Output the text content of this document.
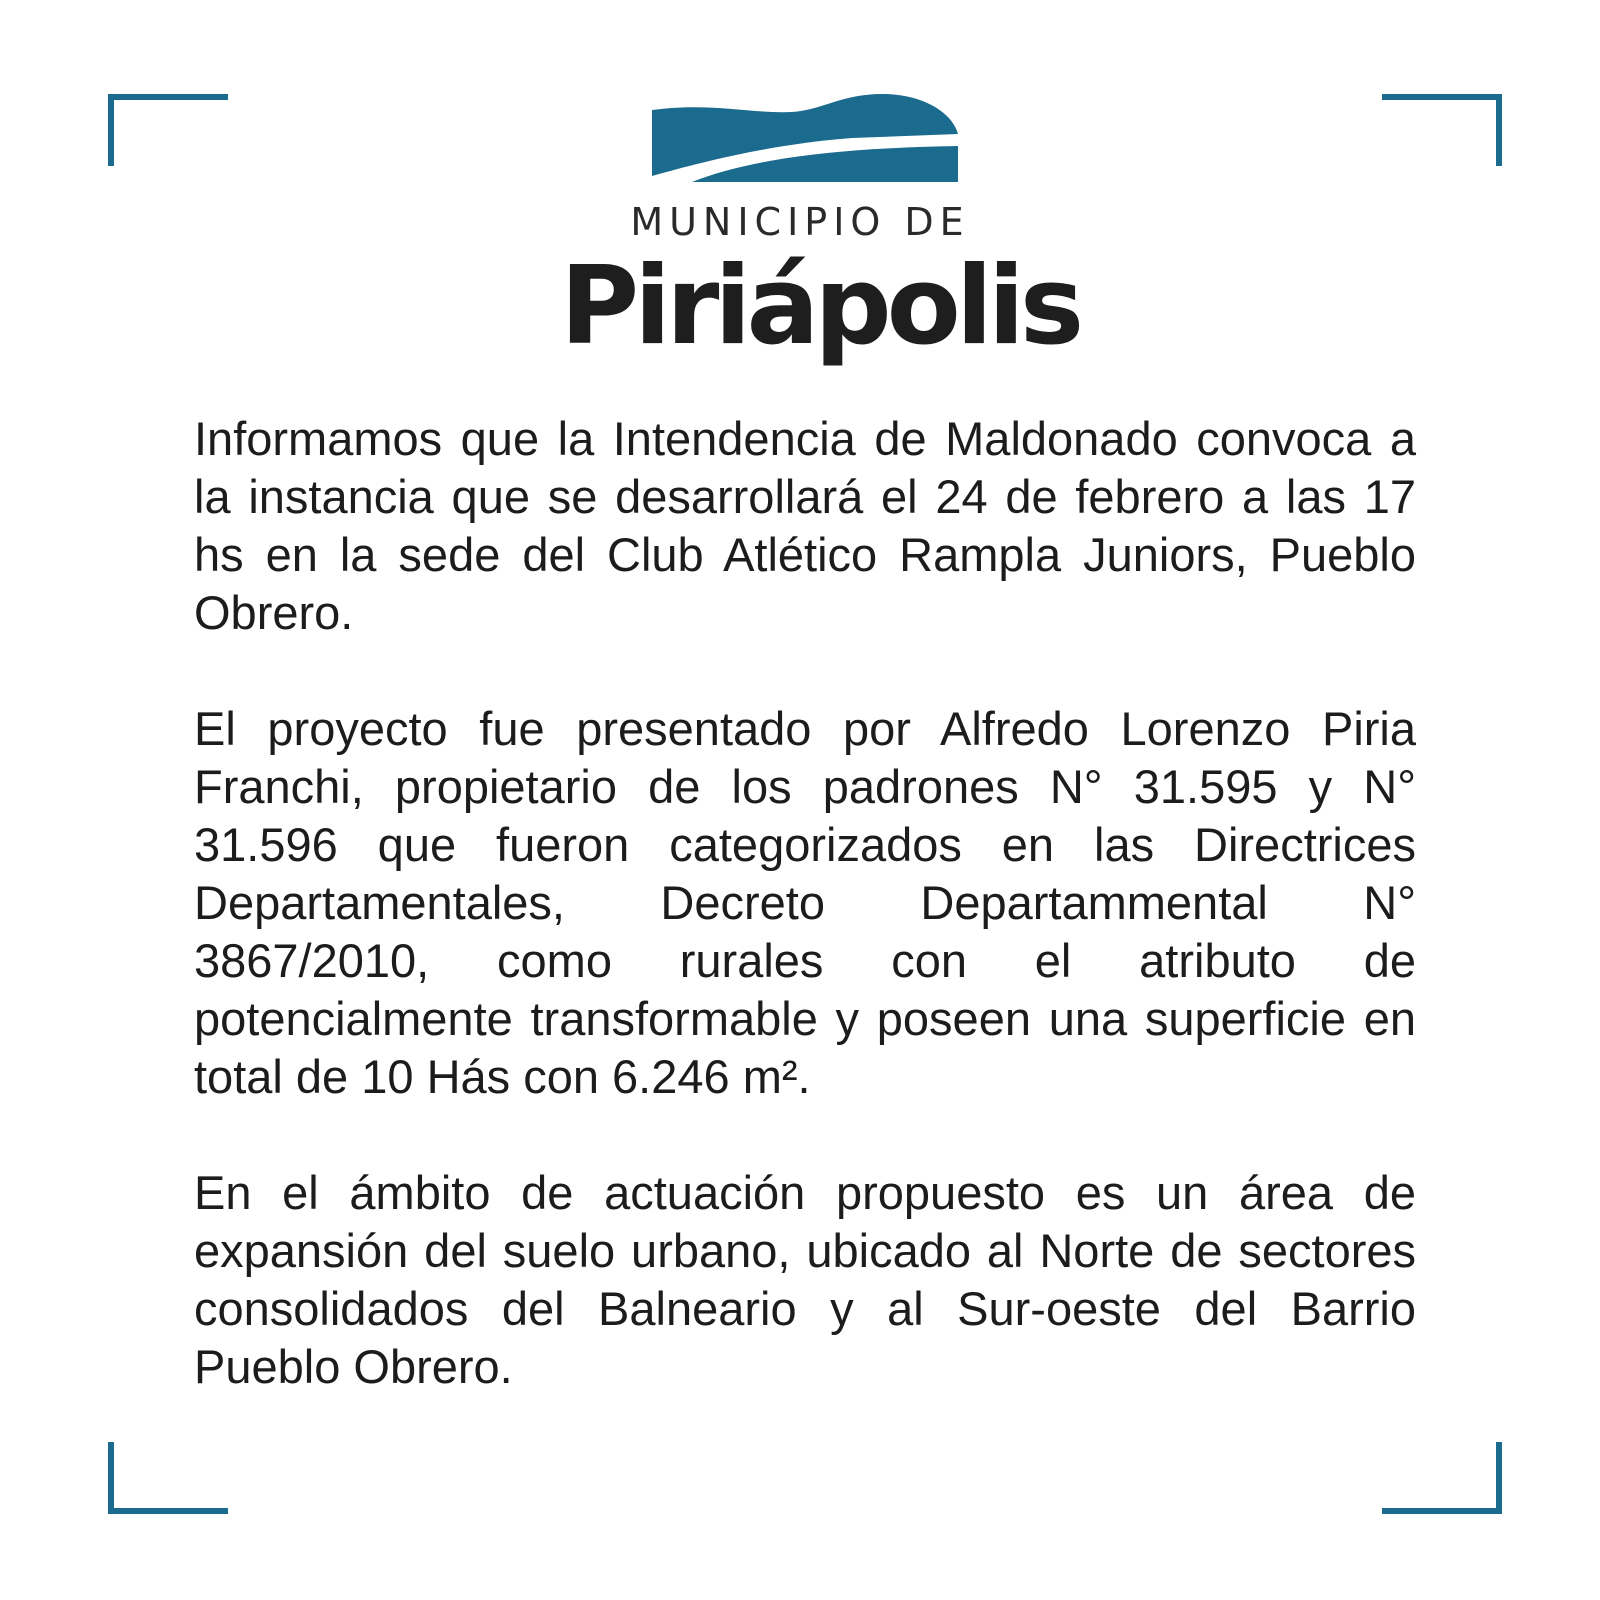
MUNICIPIO DE
Piriápolis

Informamos que la Intendencia de Maldonado convoca a la instancia que se desarrollará el 24 de febrero a las 17 hs en la sede del Club Atlético Rampla Juniors, Pueblo Obrero.

El proyecto fue presentado por Alfredo Lorenzo Piria Franchi, propietario de los padrones N° 31.595 y N° 31.596 que fueron categorizados en las Directrices Departamentales, Decreto Departammental N° 3867/2010, como rurales con el atributo de potencialmente transformable y poseen una superficie en total de 10 Hás con 6.246 m².

En el ámbito de actuación propuesto es un área de expansión del suelo urbano, ubicado al Norte de sectores consolidados del Balneario y al Sur-oeste del Barrio Pueblo Obrero.
